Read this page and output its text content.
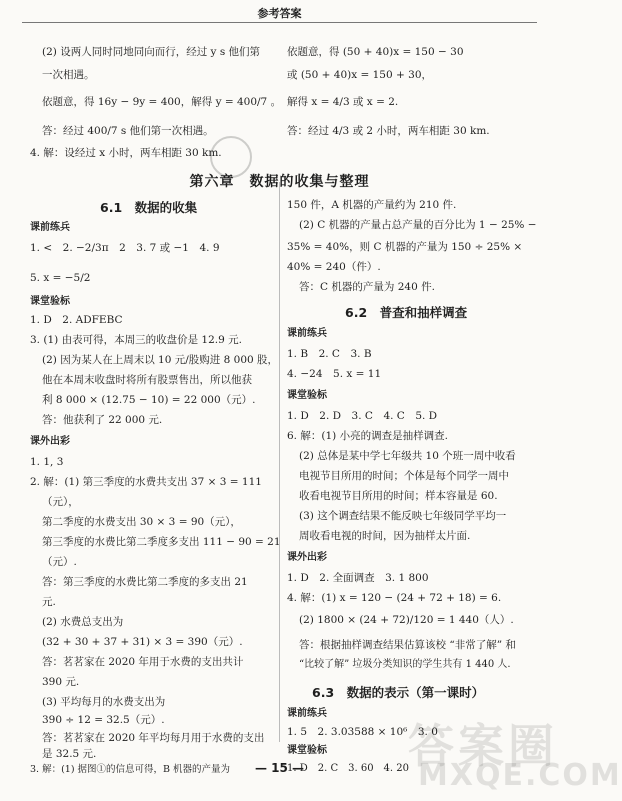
参考答案
(2) 设两人同时同地同向而行，经过 y s 他们第
一次相遇。
依题意，得 16y − 9y = 400，解得 y = 400/7 。
答：经过 400/7 s 他们第一次相遇。
4. 解：设经过 x 小时，两车相距 30 km.
依题意，得 (50 + 40)x = 150 − 30
或 (50 + 40)x = 150 + 30，
解得 x = 4/3 或 x = 2.
答：经过 4/3 或 2 小时，两车相距 30 km.
第六章　数据的收集与整理
6.1　数据的收集
课前练兵
1. <　2. −2/3π　2　3. 7 或 −1　4. 9
5. x = −5/2
课堂验标
1. D　2. ADFEBC
3. (1) 由表可得，本周三的收盘价是 12.9 元.
(2) 因为某人在上周末以 10 元/股购进 8 000 股，
他在本周末收盘时将所有股票售出，所以他获
利 8 000 × (12.75 − 10) = 22 000（元）.
答：他获利了 22 000 元.
课外出彩
1. 1, 3
2. 解：(1) 第三季度的水费共支出 37 × 3 = 111
（元），
第二季度的水费支出 30 × 3 = 90（元），
第三季度的水费比第二季度多支出 111 − 90 = 21
（元）.
答：第三季度的水费比第二季度的多支出 21
元.
(2) 水费总支出为
(32 + 30 + 37 + 31) × 3 = 390（元）.
答：茗茗家在 2020 年用于水费的支出共计
390 元.
(3) 平均每月的水费支出为
390 ÷ 12 = 32.5（元）.
答：茗茗家在 2020 年平均每月用于水费的支出
是 32.5 元.
3. 解：(1) 据图①的信息可得，B 机器的产量为
150 件，A 机器的产量约为 210 件.
(2) C 机器的产量占总产量的百分比为 1 − 25% −
35% = 40%，则 C 机器的产量为 150 ÷ 25% ×
40% = 240（件）.
答：C 机器的产量为 240 件.
6.2　普查和抽样调查
课前练兵
1. B　2. C　3. B
4. −24　5. x = 11
课堂验标
1. D　2. D　3. C　4. C　5. D
6. 解：(1) 小亮的调查是抽样调查.
(2) 总体是某中学七年级共 10 个班一周中收看
电视节目所用的时间；个体是每个同学一周中
收看电视节目所用的时间；样本容量是 60.
(3) 这个调查结果不能反映七年级同学平均一
周收看电视的时间，因为抽样太片面.
课外出彩
1. D　2. 全面调查　3. 1 800
4. 解：(1) x = 120 − (24 + 72 + 18) = 6.
(2) 1800 × (24 + 72)/120 = 1 440（人）.
答：根据抽样调查结果估算该校 “非常了解” 和
“比较了解” 垃圾分类知识的学生共有 1 440 人.
6.3　数据的表示（第一课时）
课前练兵
1. 5　2. 3.03588 × 10⁶　3. 0
课堂验标
1. D　2. C　3. 60　4. 20
— 15 —	答案圈
MXQE.COM
